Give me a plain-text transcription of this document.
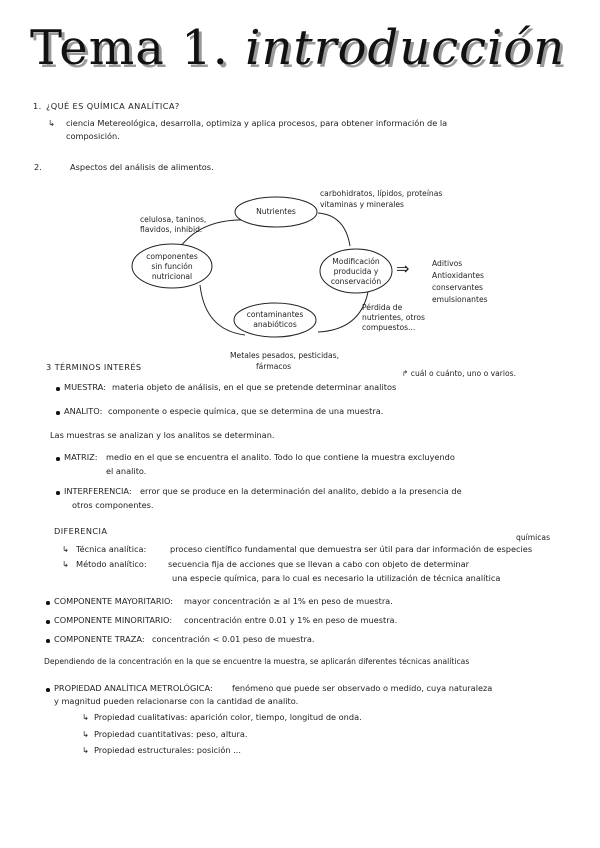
Tema 1. introducción
1. ¿QUÉ ES QUÍMICA ANALÍTICA?
↳ ciencia Metereológica, desarrolla, optimiza y aplica procesos, para obtener información de la
composición.
2.	Aspectos del análisis de alimentos.
Nutrientes
componentes
sin función
nutricional
Modificación
producida y
conservación
contaminantes
anabióticos
carbohidratos, lípidos, proteínas
vitaminas y minerales
celulosa, taninos,
flavidos, inhibid.
⇒	Aditivos
Antioxidantes
conservantes
emulsionantes
Pérdida de
nutrientes, otros
compuestos...
Metales pesados, pesticidas,
fármacos
3 TÉRMINOS INTERÉS
↱ cuál o cuánto, uno o varios.
MUESTRA: materia objeto de análisis, en el que se pretende determinar analitos
ANALITO: componente o especie química, que se determina de una muestra.
Las muestras se analizan y los analitos se determinan.
MATRIZ: medio en el que se encuentra el analito. Todo lo que contiene la muestra excluyendo
el analito.
INTERFERENCIA: error que se produce en la determinación del analito, debido a la presencia de
otros componentes.
DIFERENCIA
químicas
↳ Técnica analítica:	proceso científico fundamental que demuestra ser útil para dar información de especies
↳ Método analítico:	secuencia fija de acciones que se llevan a cabo con objeto de determinar
una especie química, para lo cual es necesario la utilización de técnica analítica
COMPONENTE MAYORITARIO: mayor concentración ≥ al 1% en peso de muestra.
COMPONENTE MINORITARIO: concentración entre 0.01 y 1% en peso de muestra.
COMPONENTE TRAZA: concentración < 0.01 peso de muestra.
Dependiendo de la concentración en la que se encuentre la muestra, se aplicarán diferentes técnicas analíticas
PROPIEDAD ANALÍTICA METROLÓGICA: fenómeno que puede ser observado o medido, cuya naturaleza
y magnitud pueden relacionarse con la cantidad de analito.
↳ Propiedad cualitativas: aparición color, tiempo, longitud de onda.
↳ Propiedad cuantitativas: peso, altura.
↳ Propiedad estructurales: posición ...
